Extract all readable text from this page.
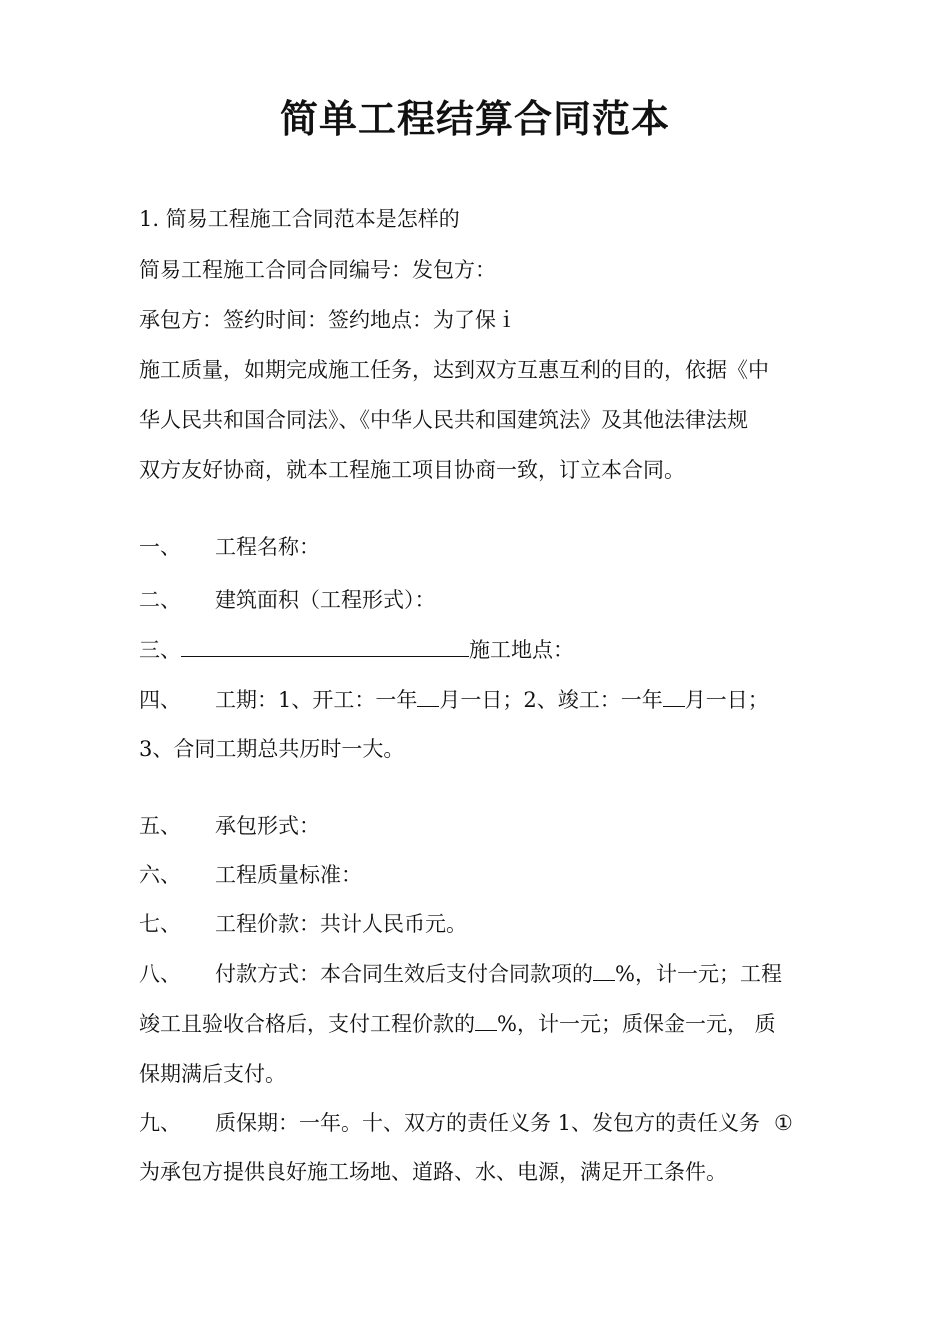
简单工程结算合同范本
1. 简易工程施工合同范本是怎样的
简易工程施工合同合同编号：发包方：
承包方：签约时间：签约地点：为了保ｉ
施工质量，如期完成施工任务，达到双方互惠互利的目的，依据《中
华人民共和国合同法》、《中华人民共和国建筑法》及其他法律法规
双方友好协商，就本工程施工项目协商一致，订立本合同。
一、 工程名称：
二、 建筑面积（工程形式）：
三、	施工地点：
四、 工期：1、开工：一年 月一日；2、竣工：一年 月一日；
3、合同工期总共历时一大。
五、 承包形式：
六、 工程质量标准：
七、 工程价款：共计人民币元。
八、 付款方式：本合同生效后支付合同款项的 %，计一元；工程
竣工且验收合格后，支付工程价款的 %，计一元；质保金一元， 质
保期满后支付。
九、 质保期：一年。十、双方的责任义务 1、发包方的责任义务 ①
为承包方提供良好施工场地、道路、水、电源，满足开工条件。
